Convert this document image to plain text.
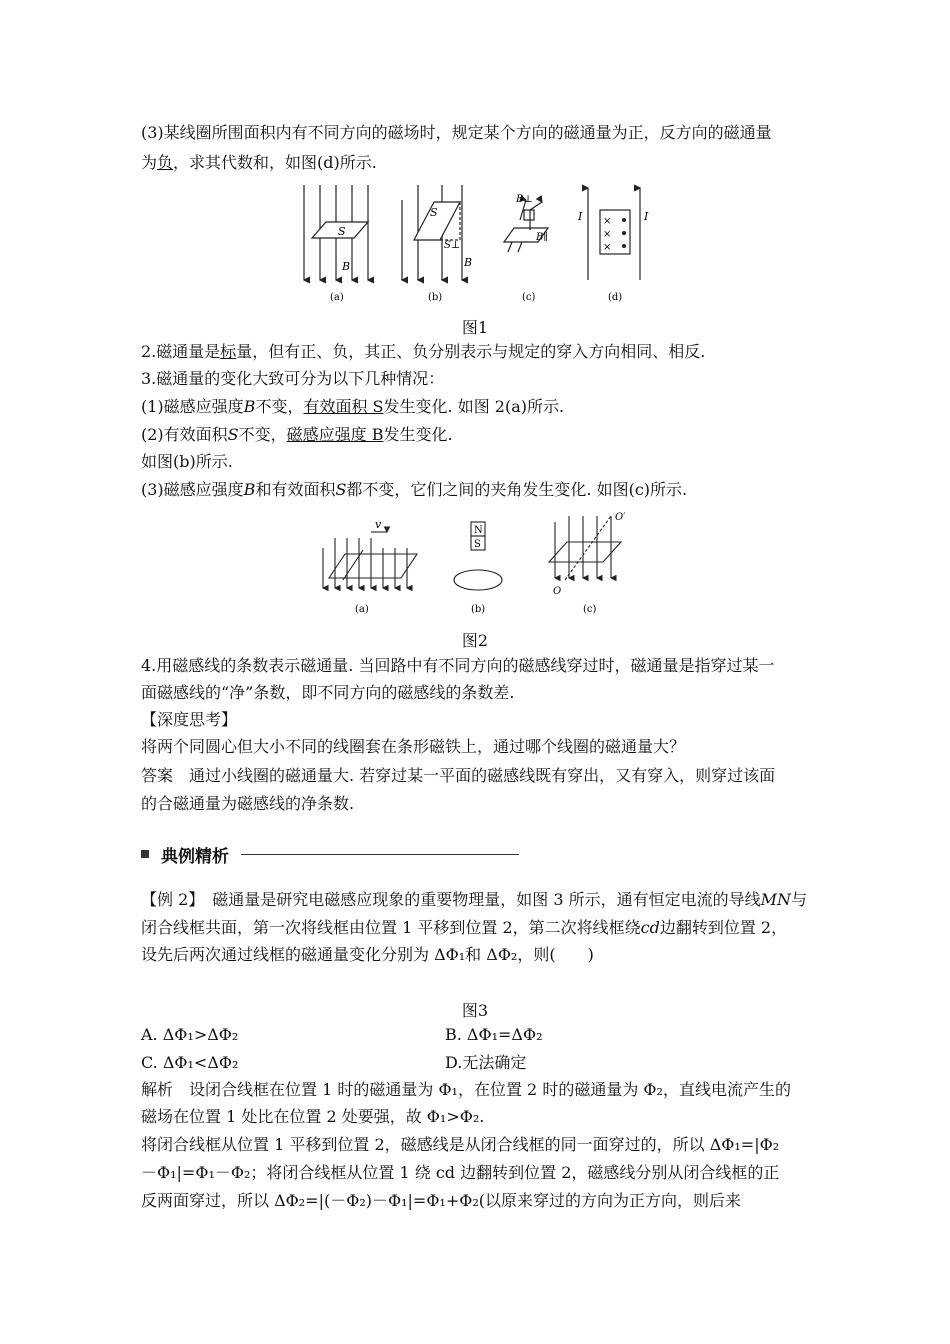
(3)某线圈所围面积内有不同方向的磁场时，规定某个方向的磁通量为正，反方向的磁通量
为负，求其代数和，如图(d)所示.
S
B
(a)
S
S⊥
B
(b)
B⊥
B∥
(c)
×
×
×
I	I
(d)
图1
2.磁通量是标量，但有正、负，其正、负分别表示与规定的穿入方向相同、相反.
3.磁通量的变化大致可分为以下几种情况：
(1)磁感应强度B不变，有效面积 S发生变化. 如图 2(a)所示.
(2)有效面积S不变，磁感应强度 B发生变化.
如图(b)所示.
(3)磁感应强度B和有效面积S都不变，它们之间的夹角发生变化. 如图(c)所示.
v
(a)
N
S
(b)
O′
O
(c)
图2
4.用磁感线的条数表示磁通量. 当回路中有不同方向的磁感线穿过时，磁通量是指穿过某一
面磁感线的“净”条数，即不同方向的磁感线的条数差.
【深度思考】
将两个同圆心但大小不同的线圈套在条形磁铁上，通过哪个线圈的磁通量大？
答案　通过小线圈的磁通量大. 若穿过某一平面的磁感线既有穿出，又有穿入，则穿过该面
的合磁通量为磁感线的净条数.
典例精析
【例 2】　磁通量是研究电磁感应现象的重要物理量，如图 3 所示，通有恒定电流的导线MN与
闭合线框共面，第一次将线框由位置 1 平移到位置 2，第二次将线框绕cd边翻转到位置 2，
设先后两次通过线框的磁通量变化分别为 ΔΦ₁和 ΔΦ₂，则(　　)
图3
A. ΔΦ₁>ΔΦ₂	B. ΔΦ₁=ΔΦ₂
C. ΔΦ₁<ΔΦ₂	D.无法确定
解析　设闭合线框在位置 1 时的磁通量为 Φ₁，在位置 2 时的磁通量为 Φ₂，直线电流产生的
磁场在位置 1 处比在位置 2 处要强，故 Φ₁>Φ₂.
将闭合线框从位置 1 平移到位置 2，磁感线是从闭合线框的同一面穿过的，所以 ΔΦ₁=|Φ₂
－Φ₁|=Φ₁－Φ₂；将闭合线框从位置 1 绕 cd 边翻转到位置 2，磁感线分别从闭合线框的正
反两面穿过，所以 ΔΦ₂=|(－Φ₂)－Φ₁|=Φ₁+Φ₂(以原来穿过的方向为正方向，则后来
